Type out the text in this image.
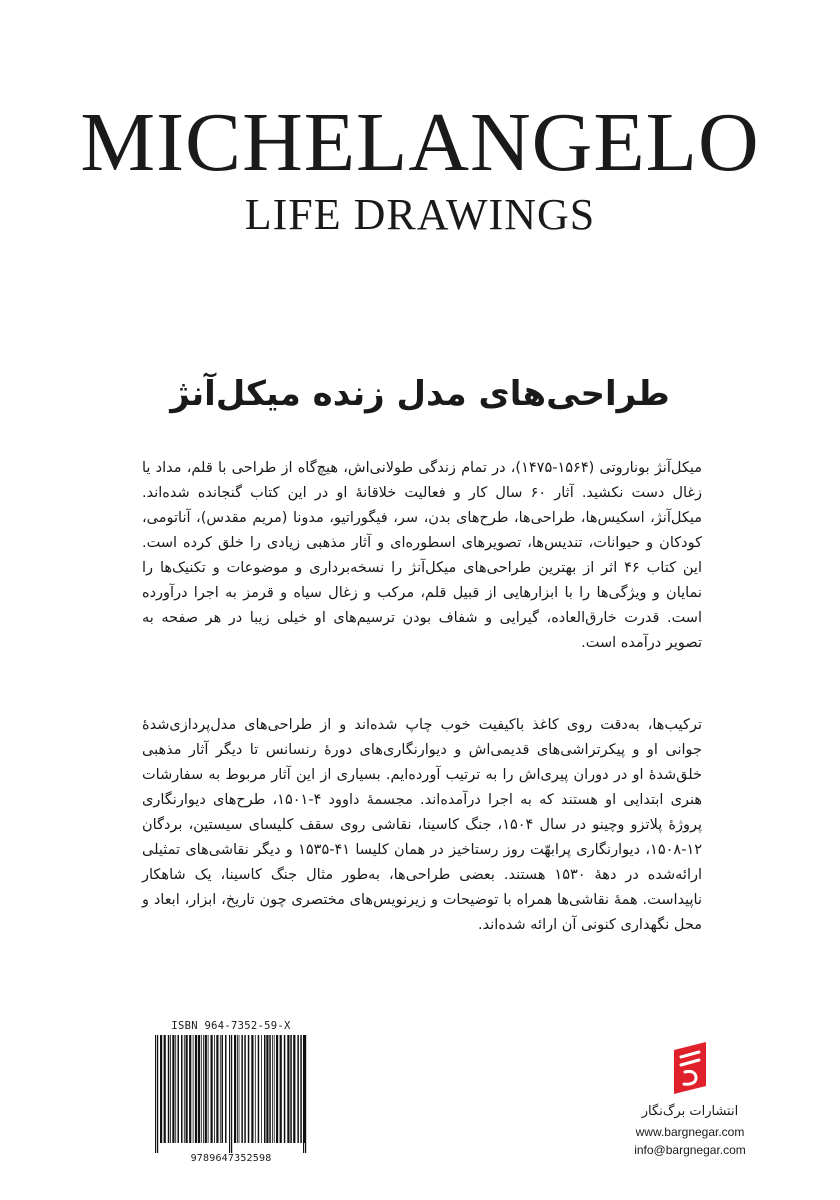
MICHELANGELO
LIFE DRAWINGS
طراحی‌های مدل زنده میکل‌آنژ
میکل‌آنژ بوناروتی (۱۵۶۴-۱۴۷۵)، در تمام زندگی طولانی‌اش، هیچ‌گاه از طراحی با قلم، مداد یا زغال دست نکشید. آثار ۶۰ سال کار و فعالیت خلاقانهٔ او در این کتاب گنجانده شده‌اند. میکل‌آنژ، اسکیس‌ها، طراحی‌ها، طرح‌های بدن، سر، فیگوراتیو، مدونا (مریم مقدس)، آناتومی، کودکان و حیوانات، تندیس‌ها، تصویرهای اسطوره‌ای و آثار مذهبی زیادی را خلق کرده است. این کتاب ۴۶ اثر از بهترین طراحی‌های میکل‌آنژ را نسخه‌برداری و موضوعات و تکنیک‌ها را نمایان و ویژگی‌ها را با ابزارهایی از قبیل قلم، مرکب و زغال سیاه و قرمز به اجرا درآورده است. قدرت خارق‌العاده، گیرایی و شفاف بودن ترسیم‌های او خیلی زیبا در هر صفحه به تصویر درآمده است.
ترکیب‌ها، به‌دقت روی کاغذ باکیفیت خوب چاپ شده‌اند و از طراحی‌های مدل‌پردازی‌شدهٔ جوانی او و پیکرتراشی‌های قدیمی‌اش و دیوارنگاری‌های دورهٔ رنسانس تا دیگر آثار مذهبی خلق‌شدهٔ او در دوران پیری‌اش را به ترتیب آورده‌ایم. بسیاری از این آثار مربوط به سفارشات هنری ابتدایی او هستند که به اجرا درآمده‌اند. مجسمهٔ داوود ۴-۱۵۰۱، طرح‌های دیوارنگاری پروژهٔ پلاتزو وچینو در سال ۱۵۰۴، جنگ کاسینا، نقاشی روی سقف کلیسای سیستین، بردگان ۱۲-۱۵۰۸، دیوارنگاری پرابهّت روز رستاخیز در همان کلیسا ۴۱-۱۵۳۵ و دیگر نقاشی‌های تمثیلی ارائه‌شده در دههٔ ۱۵۳۰ هستند. بعضی طراحی‌ها، به‌طور مثال جنگ کاسینا، یک شاهکار ناپیداست. همهٔ نقاشی‌ها همراه با توضیحات و زیرنویس‌های مختصری چون تاریخ، ابزار، ابعاد و محل نگهداری کنونی آن ارائه شده‌اند.
ISBN 964-7352-59-X
9789647352598
انتشارات برگ‌نگار
www.bargnegar.com
info@bargnegar.com
